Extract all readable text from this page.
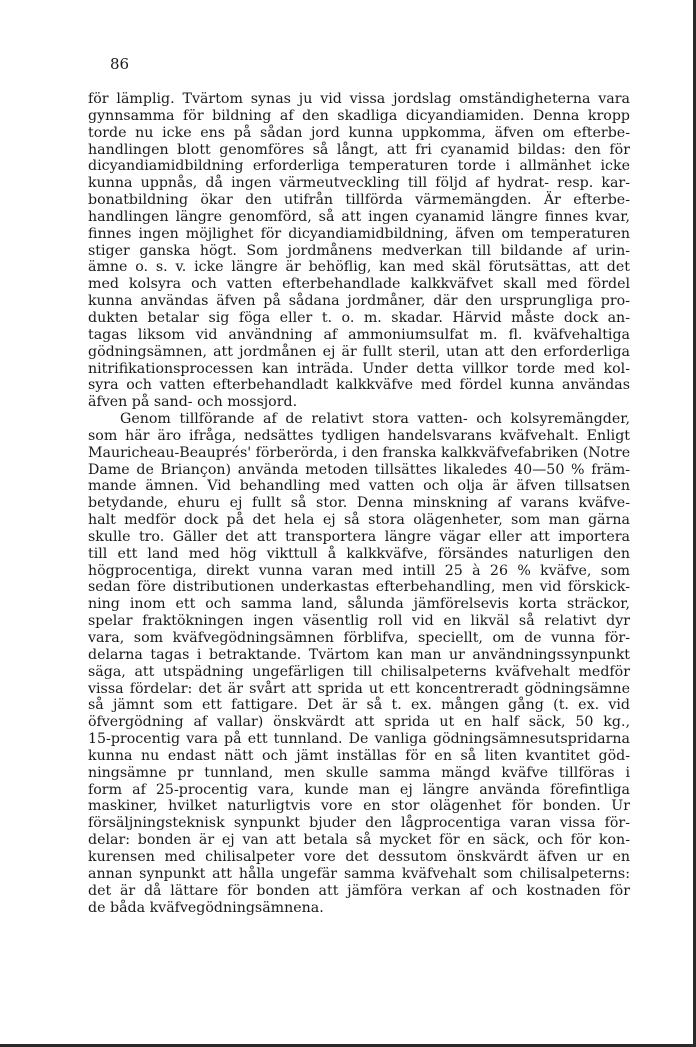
86
för lämplig. Tvärtom synas ju vid vissa jordslag omständigheterna vara
gynnsamma för bildning af den skadliga dicyandiamiden. Denna kropp
torde nu icke ens på sådan jord kunna uppkomma, äfven om efterbe-
handlingen blott genomföres så långt, att fri cyanamid bildas: den för
dicyandiamidbildning erforderliga temperaturen torde i allmänhet icke
kunna uppnås, då ingen värmeutveckling till följd af hydrat- resp. kar-
bonatbildning ökar den utifrån tillförda värmemängden. Är efterbe-
handlingen längre genomförd, så att ingen cyanamid längre finnes kvar,
finnes ingen möjlighet för dicyandiamidbildning, äfven om temperaturen
stiger ganska högt. Som jordmånens medverkan till bildande af urin-
ämne o. s. v. icke längre är behöflig, kan med skäl förutsättas, att det
med kolsyra och vatten efterbehandlade kalkkväfvet skall med fördel
kunna användas äfven på sådana jordmåner, där den ursprungliga pro-
dukten betalar sig föga eller t. o. m. skadar. Härvid måste dock an-
tagas liksom vid användning af ammoniumsulfat m. fl. kväfvehaltiga
gödningsämnen, att jordmånen ej är fullt steril, utan att den erforderliga
nitrifikationsprocessen kan inträda. Under detta villkor torde med kol-
syra och vatten efterbehandladt kalkkväfve med fördel kunna användas
äfven på sand- och mossjord.
Genom tillförande af de relativt stora vatten- och kolsyremängder,
som här äro ifråga, nedsättes tydligen handelsvarans kväfvehalt. Enligt
Mauricheau-Beauprés' förberörda, i den franska kalkkväfvefabriken (Notre
Dame de Briançon) använda metoden tillsättes likaledes 40—50 % främ-
mande ämnen. Vid behandling med vatten och olja är äfven tillsatsen
betydande, ehuru ej fullt så stor. Denna minskning af varans kväfve-
halt medför dock på det hela ej så stora olägenheter, som man gärna
skulle tro. Gäller det att transportera längre vägar eller att importera
till ett land med hög vikttull å kalkkväfve, försändes naturligen den
högprocentiga, direkt vunna varan med intill 25 à 26 % kväfve, som
sedan före distributionen underkastas efterbehandling, men vid förskick-
ning inom ett och samma land, sålunda jämförelsevis korta sträckor,
spelar fraktökningen ingen väsentlig roll vid en likväl så relativt dyr
vara, som kväfvegödningsämnen förblifva, speciellt, om de vunna för-
delarna tagas i betraktande. Tvärtom kan man ur användningssynpunkt
säga, att utspädning ungefärligen till chilisalpeterns kväfvehalt medför
vissa fördelar: det är svårt att sprida ut ett koncentreradt gödningsämne
så jämnt som ett fattigare. Det är så t. ex. mången gång (t. ex. vid
öfvergödning af vallar) önskvärdt att sprida ut en half säck, 50 kg.,
15-procentig vara på ett tunnland. De vanliga gödningsämnesutspridarna
kunna nu endast nätt och jämt inställas för en så liten kvantitet göd-
ningsämne pr tunnland, men skulle samma mängd kväfve tillföras i
form af 25-procentig vara, kunde man ej längre använda förefintliga
maskiner, hvilket naturligtvis vore en stor olägenhet för bonden. Ur
försäljningsteknisk synpunkt bjuder den lågprocentiga varan vissa för-
delar: bonden är ej van att betala så mycket för en säck, och för kon-
kurensen med chilisalpeter vore det dessutom önskvärdt äfven ur en
annan synpunkt att hålla ungefär samma kväfvehalt som chilisalpeterns:
det är då lättare för bonden att jämföra verkan af och kostnaden för
de båda kväfvegödningsämnena.
